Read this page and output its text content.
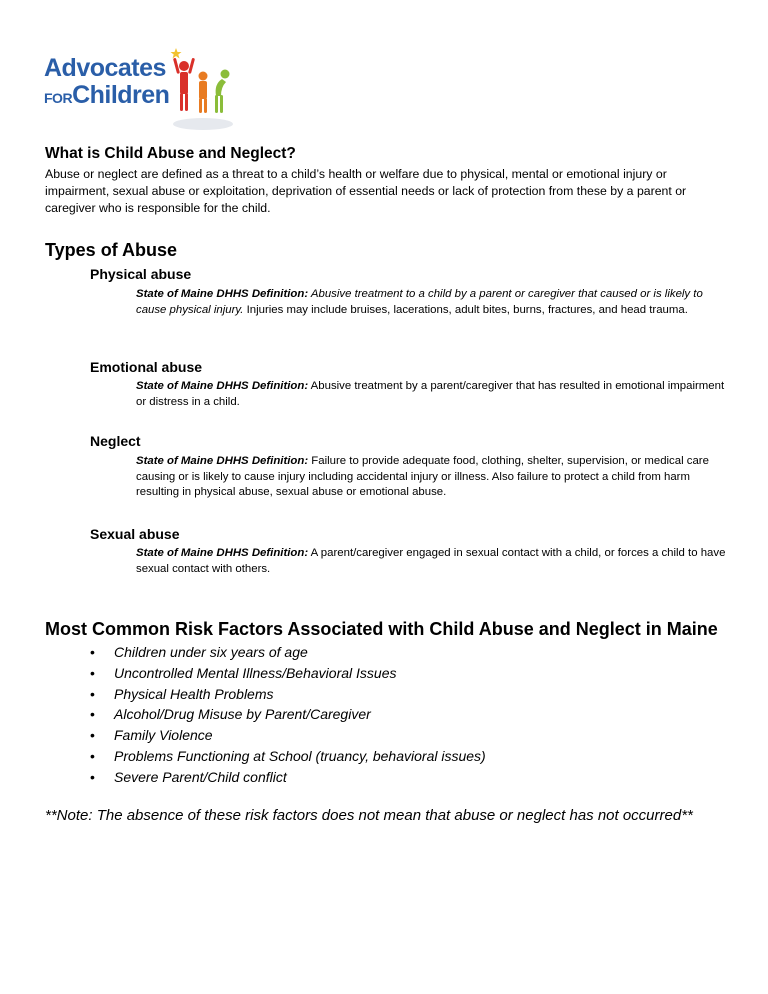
Advocates
FORChildren
What is Child Abuse and Neglect?

Abuse or neglect are defined as a threat to a child’s health or welfare due to physical, mental or emotional injury or impairment, sexual abuse or exploitation, deprivation of essential needs or lack of protection from these by a parent or caregiver who is responsible for the child.

Types of Abuse
Physical abuse

State of Maine DHHS Definition: Abusive treatment to a child by a parent or caregiver that caused or is likely to cause physical injury. Injuries may include bruises, lacerations, adult bites, burns, fractures, and head trauma.

Emotional abuse

State of Maine DHHS Definition: Abusive treatment by a parent/caregiver that has resulted in emotional impairment or distress in a child.

Neglect

State of Maine DHHS Definition: Failure to provide adequate food, clothing, shelter, supervision, or medical care causing or is likely to cause injury including accidental injury or illness. Also failure to protect a child from harm resulting in physical abuse, sexual abuse or emotional abuse.

Sexual abuse

State of Maine DHHS Definition: A parent/caregiver engaged in sexual contact with a child, or forces a child to have sexual contact with others.

Most Common Risk Factors Associated with Child Abuse and Neglect in Maine
• Children under six years of age
• Uncontrolled Mental Illness/Behavioral Issues
• Physical Health Problems
• Alcohol/Drug Misuse by Parent/Caregiver
• Family Violence
• Problems Functioning at School (truancy, behavioral issues)
• Severe Parent/Child conflict

**Note: The absence of these risk factors does not mean that abuse or neglect has not occurred**
